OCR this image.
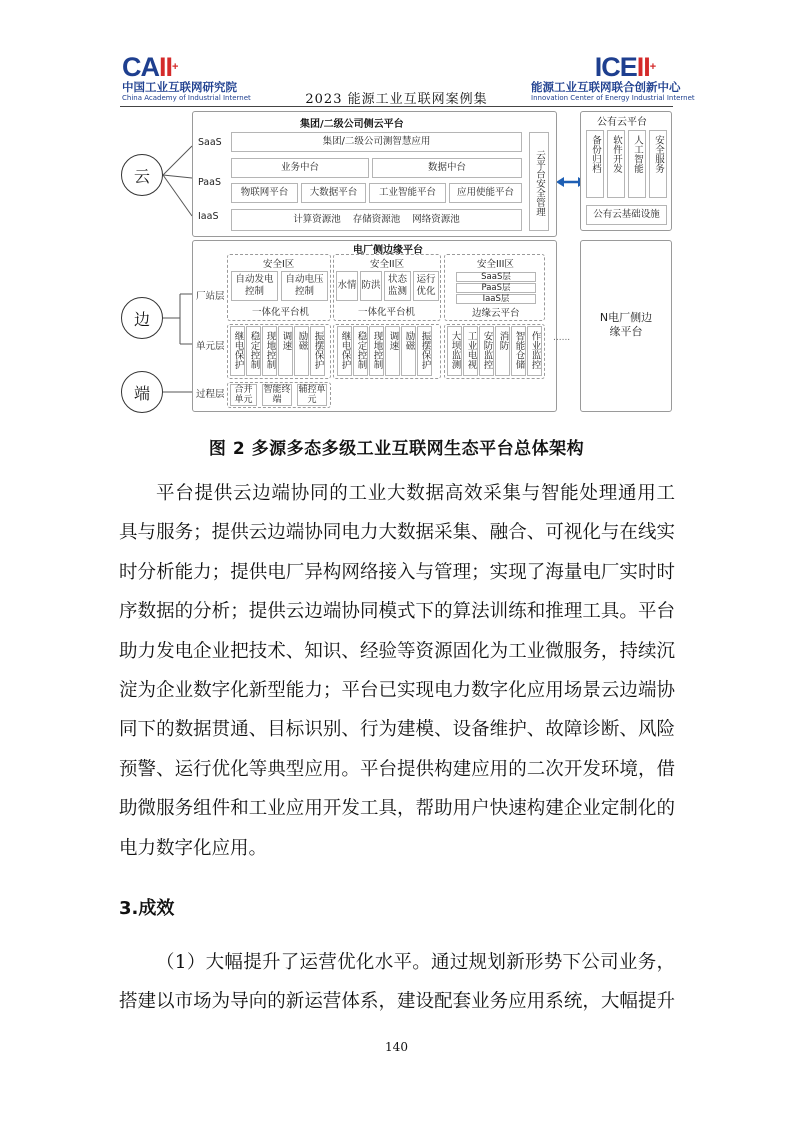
CAII+
中国工业互联网研究院
China Academy of Industrial Internet
ICEII+
能源工业互联网联合创新中心
Innovation Center of Energy Industrial Internet
2023 能源工业互联网案例集
云
边
端
集团/二级公司侧云平台
SaaS
PaaS
IaaS
集团/二级公司测智慧应用
业务中台	数据中台
物联网平台	大数据平台	工业智能平台	应用使能平台
计算资源池 存储资源池 网络资源池
云平台安全管理
公有云平台
备份归档	软件开发	人工智能	安全服务
公有云基础设施
电厂侧边缘平台
厂站层
单元层
过程层
安全I区
自动发电控制
自动电压控制
一体化平台机
安全II区
水情 防洪
状态监测
运行优化
一体化平台机
安全III区
SaaS层
PaaS层
IaaS层
边缘云平台
继电保护 稳定控制 现地控制 调速 励磁 振摆保护 继电保护 稳定控制 现地控制 调速 励磁 振摆保护 大坝监测 工业电视 安防监控 消防 智能仓储 作业监控 ......
合并单元
智能终端
辅控单元
N电厂侧边缘平台
图 2 多源多态多级工业互联网生态平台总体架构
平台提供云边端协同的工业大数据高效采集与智能处理通用工
具与服务；提供云边端协同电力大数据采集、融合、可视化与在线实
时分析能力；提供电厂异构网络接入与管理；实现了海量电厂实时时
序数据的分析；提供云边端协同模式下的算法训练和推理工具。平台
助力发电企业把技术、知识、经验等资源固化为工业微服务，持续沉
淀为企业数字化新型能力；平台已实现电力数字化应用场景云边端协
同下的数据贯通、目标识别、行为建模、设备维护、故障诊断、风险
预警、运行优化等典型应用。平台提供构建应用的二次开发环境，借
助微服务组件和工业应用开发工具，帮助用户快速构建企业定制化的
电力数字化应用。
3.成效
（1）大幅提升了运营优化水平。通过规划新形势下公司业务，
搭建以市场为导向的新运营体系，建设配套业务应用系统，大幅提升
140
